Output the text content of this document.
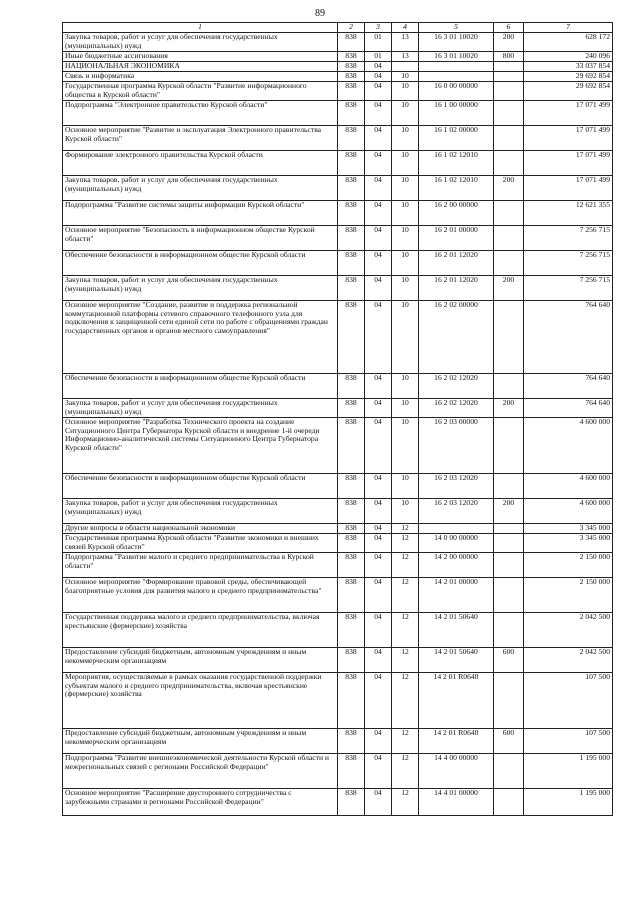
89
1	2	3	4	5	6	7
Закупка товаров, работ и услуг для обеспечения государственных (муниципальных) нужд	838	01	13	16 3 01 10020	200	628 172
Иные бюджетные ассигнования	838	01	13	16 3 01 10020	800	240 096
НАЦИОНАЛЬНАЯ ЭКОНОМИКА	838	04				33 037 854
Связь и информатика	838	04	10			29 692 854
Государственная программа Курской области "Развитие информационного общества в Курской области"	838	04	10	16 0 00 00000		29 692 854
Подпрограмма "Электронное правительство Курской области"	838	04	10	16 1 00 00000		17 071 499
Основное мероприятие "Развитие и эксплуатация Электронного правительства Курской области"	838	04	10	16 1 02 00000		17 071 499
Формирование электронного правительства Курской области	838	04	10	16 1 02 12010		17 071 499
Закупка товаров, работ и услуг для обеспечения государственных (муниципальных) нужд	838	04	10	16 1 02 12010	200	17 071 499
Подпрограмма "Развитие системы защиты информации Курской области"	838	04	10	16 2 00 00000		12 621 355
Основное мероприятие "Безопасность в информационном обществе Курской области"	838	04	10	16 2 01 00000		7 256 715
Обеспечение безопасности в информационном обществе Курской области	838	04	10	16 2 01 12020		7 256 715
Закупка товаров, работ и услуг для обеспечения государственных (муниципальных) нужд	838	04	10	16 2 01 12020	200	7 256 715
Основное мероприятие "Создание, развитие и поддержка региональной коммутационной платформы сетевого справочного телефонного узла для подключения к защищенной сети единой сети по работе с обращениями граждан государственных органов и органов местного самоуправления"	838	04	10	16 2 02 00000		764 640
Обеспечение безопасности в информационном обществе Курской области	838	04	10	16 2 02 12020		764 640
Закупка товаров, работ и услуг для обеспечения государственных (муниципальных) нужд	838	04	10	16 2 02 12020	200	764 640
Основное мероприятие "Разработка Технического проекта на создание Ситуационного Центра Губернатора Курской области и внедрение 1-й очереди Информационно-аналитической системы Ситуационного Центра Губернатора Курской области"	838	04	10	16 2 03 00000		4 600 000
Обеспечение безопасности в информационном обществе Курской области	838	04	10	16 2 03 12020		4 600 000
Закупка товаров, работ и услуг для обеспечения государственных (муниципальных) нужд	838	04	10	16 2 03 12020	200	4 600 000
Другие вопросы в области национальной экономики	838	04	12			3 345 000
Государственная программа Курской области "Развитие экономики и внешних связей Курской области"	838	04	12	14 0 00 00000		3 345 000
Подпрограмма "Развитие малого и среднего предпринимательства в Курской области"	838	04	12	14 2 00 00000		2 150 000
Основное мероприятие "Формирование правовой среды, обеспечивающей благоприятные условия для развития малого и среднего предпринимательства"	838	04	12	14 2 01 00000		2 150 000
Государственная поддержка малого и среднего предпринимательства, включая крестьянские (фермерские) хозяйства	838	04	12	14 2 01 50640		2 042 500
Предоставление субсидий бюджетным, автономным учреждениям и иным некоммерческим организациям	838	04	12	14 2 01 50640	600	2 042 500
Мероприятия, осуществляемые в рамках оказания государственной поддержки субъектам малого и среднего предпринимательства, включая крестьянские (фермерские) хозяйства	838	04	12	14 2 01 R0640		107 500
Предоставление субсидий бюджетным, автономным учреждениям и иным некоммерческим организациям	838	04	12	14 2 01 R0640	600	107 500
Подпрограмма "Развитие внешнеэкономической деятельности Курской области и межрегиональных связей с регионами Российской Федерации"	838	04	12	14 4 00 00000		1 195 000
Основное мероприятие "Расширение двустороннего сотрудничества с зарубежными странами и регионами Российской Федерации"	838	04	12	14 4 01 00000		1 195 000
